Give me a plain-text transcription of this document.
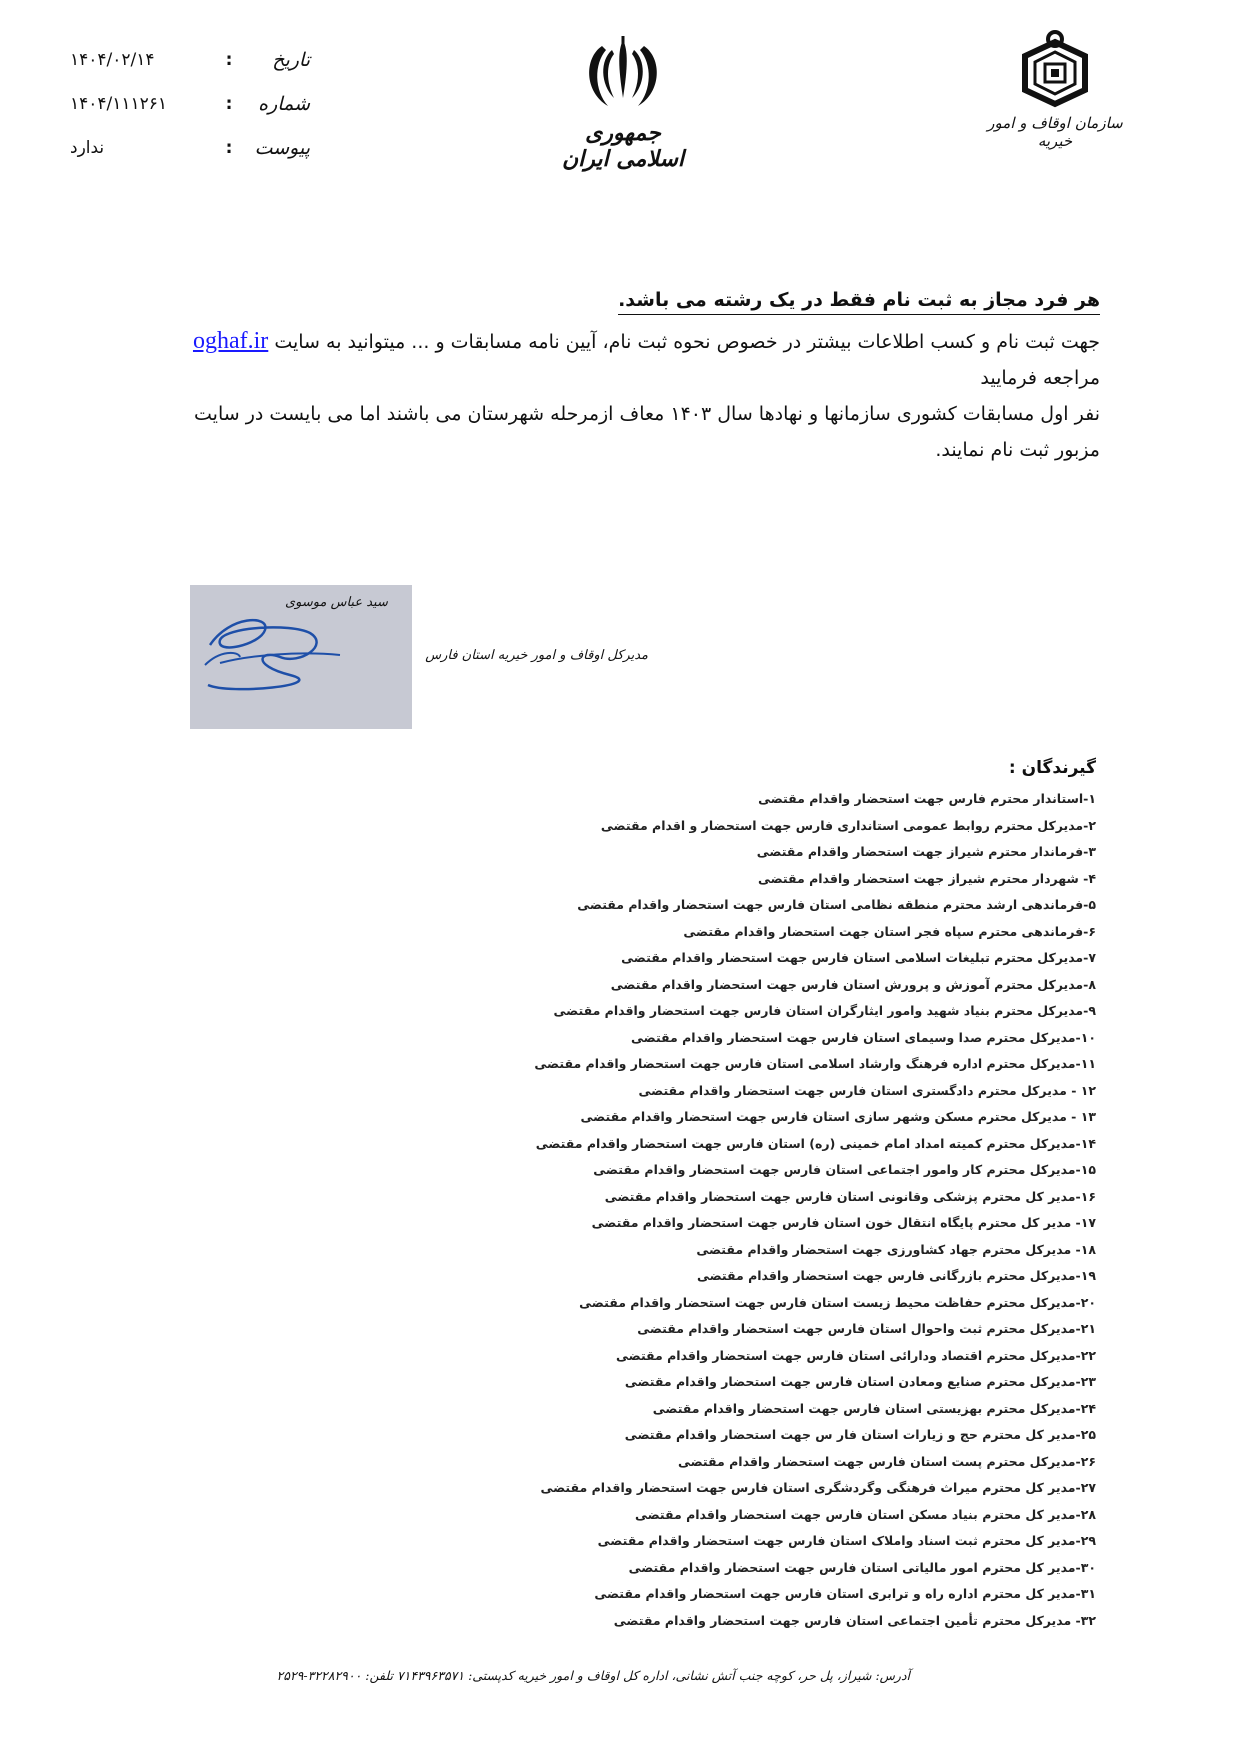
تاریخ
:
۱۴۰۴/۰۲/۱۴
شماره
:
۱۴۰۴/۱۱۱۲۶۱
پیوست
:
ندارد
جمهوری اسلامی ایران
سازمان اوقاف و امور خیریه
هر فرد مجاز به ثبت نام فقط در یک رشته می باشد.

جهت ثبت نام و کسب اطلاعات بیشتر در خصوص نحوه ثبت نام، آیین نامه مسابقات و ... میتوانید به سایت oghaf.ir مراجعه فرمایید

نفر اول مسابقات کشوری سازمانها و نهادها سال ۱۴۰۳ معاف ازمرحله شهرستان می باشند اما می بایست در سایت مزبور ثبت نام نمایند.

سید عباس موسوی
مدیرکل اوقاف و امور خیریه استان فارس
گیرندگان :
۱-استاندار محترم فارس جهت استحضار واقدام مقتضی
۲-مدیرکل محترم روابط عمومی استانداری فارس جهت استحضار و اقدام مقتضی
۳-فرماندار محترم شیراز جهت استحضار واقدام مقتضی
۴- شهردار محترم شیراز جهت استحضار واقدام مقتضی
۵-فرماندهی ارشد محترم منطقه نظامی استان فارس جهت استحضار واقدام مقتضی
۶-فرماندهی محترم سپاه فجر استان جهت استحضار واقدام مقتضی
۷-مدیرکل محترم تبلیغات اسلامی استان فارس جهت استحضار واقدام مقتضی
۸-مدیرکل محترم آموزش و پرورش استان فارس جهت استحضار واقدام مقتضی
۹-مدیرکل محترم بنیاد شهید وامور ایثارگران استان فارس جهت استحضار واقدام مقتضی
۱۰-مدیرکل محترم صدا وسیمای استان فارس جهت استحضار واقدام مقتضی
۱۱-مدیرکل محترم اداره فرهنگ وارشاد اسلامی استان فارس جهت استحضار واقدام مقتضی
۱۲ - مدیرکل محترم دادگستری استان فارس جهت استحضار واقدام مقتضی
۱۳ - مدیرکل محترم مسکن وشهر سازی استان فارس جهت استحضار واقدام مقتضی
۱۴-مدیرکل محترم کمیته امداد امام خمینی (ره) استان فارس جهت استحضار واقدام مقتضی
۱۵-مدیرکل محترم کار وامور اجتماعی استان فارس جهت استحضار واقدام مقتضی
۱۶-مدیر کل محترم پزشکی وقانونی استان فارس جهت استحضار واقدام مقتضی
۱۷- مدیر کل محترم پایگاه انتقال خون استان فارس جهت استحضار واقدام مقتضی
۱۸- مدیرکل محترم جهاد کشاورزی جهت استحضار واقدام مقتضی
۱۹-مدیرکل محترم بازرگانی فارس جهت استحضار واقدام مقتضی
۲۰-مدیرکل محترم حفاظت محیط زیست استان فارس جهت استحضار واقدام مقتضی
۲۱-مدیرکل محترم ثبت واحوال استان فارس جهت استحضار واقدام مقتضی
۲۲-مدیرکل محترم اقتصاد ودارائی استان فارس جهت استحضار واقدام مقتضی
۲۳-مدیرکل محترم صنایع ومعادن استان فارس جهت استحضار واقدام مقتضی
۲۴-مدیرکل محترم بهزیستی استان فارس جهت استحضار واقدام مقتضی
۲۵-مدیر کل محترم حج و زیارات استان فار س جهت استحضار واقدام مقتضی
۲۶-مدیرکل محترم پست استان فارس جهت استحضار واقدام مقتضی
۲۷-مدیر کل محترم میراث فرهنگی وگردشگری استان فارس جهت استحضار واقدام مقتضی
۲۸-مدیر کل محترم بنیاد مسکن استان فارس جهت استحضار واقدام مقتضی
۲۹-مدیر کل محترم ثبت اسناد واملاک استان فارس جهت استحضار واقدام مقتضی
۳۰-مدیر کل محترم امور مالیاتی استان فارس جهت استحضار واقدام مقتضی
۳۱-مدیر کل محترم اداره راه و ترابری استان فارس جهت استحضار واقدام مقتضی
۳۲- مدیرکل محترم تأمین اجتماعی استان فارس جهت استحضار واقدام مقتضی
آدرس: شیراز، پل حر، کوچه جنب آتش نشانی، اداره کل اوقاف و امور خیریه کدپستی: ۷۱۴۳۹۶۳۵۷۱ تلفن: ۳۲۲۸۲۹۰۰-۲۵۲۹
